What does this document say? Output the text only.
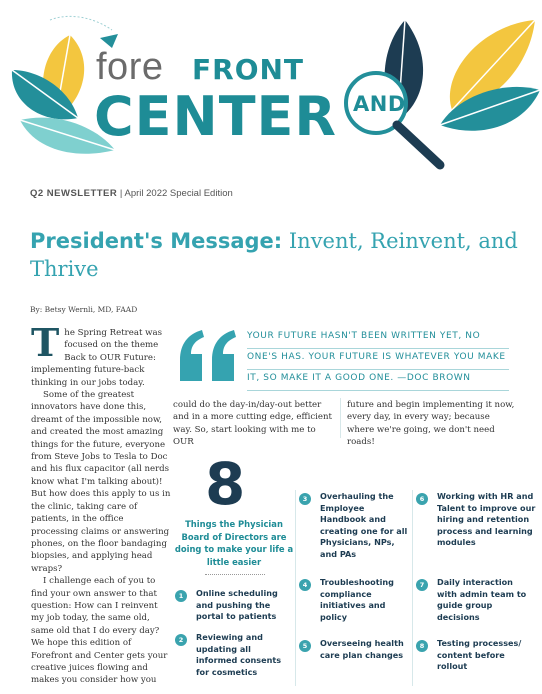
fore FRONT
CENTER AND
Q2 NEWSLETTER | April 2022 Special Edition
President's Message: Invent, Reinvent, and Thrive
By: Betsy Wernli, MD, FAAD

The Spring Retreat was focused on the theme Back to OUR Future: implementing future-back thinking in our jobs today.

Some of the greatest innovators have done this, dreamt of the impossible now, and created the most amazing things for the future, everyone from Steve Jobs to Tesla to Doc and his flux capacitor (all nerds know what I'm talking about)! But how does this apply to us in the clinic, taking care of patients, in the office processing claims or answering phones, on the floor bandaging biopsies, and applying head wraps?

I challenge each of you to find your own answer to that question: How can I reinvent my job today, the same old, same old that I do every day? We hope this edition of Forefront and Center gets your creative juices flowing and makes you consider how you

YOUR FUTURE HASN'T BEEN WRITTEN YET, NO
ONE'S HAS. YOUR FUTURE IS WHATEVER YOU MAKE
IT, SO MAKE IT A GOOD ONE. —DOC BROWN
could do the day-in/day-out better and in a more cutting edge, efficient way. So, start looking with me to OUR
future and begin implementing it now, every day, in every way; because where we're going, we don't need roads!
8
Things the Physician Board of Directors are doing to make your life a little easier
1	Online scheduling and pushing the portal to patients
2	Reviewing and updating all informed consents for cosmetics
3	Overhauling the Employee Handbook and creating one for all Physicians, NPs, and PAs
4	Troubleshooting compliance initiatives and policy
5	Overseeing health care plan changes
6	Working with HR and Talent to improve our hiring and retention process and learning modules
7	Daily interaction with admin team to guide group decisions
8	Testing processes/ content before rollout
